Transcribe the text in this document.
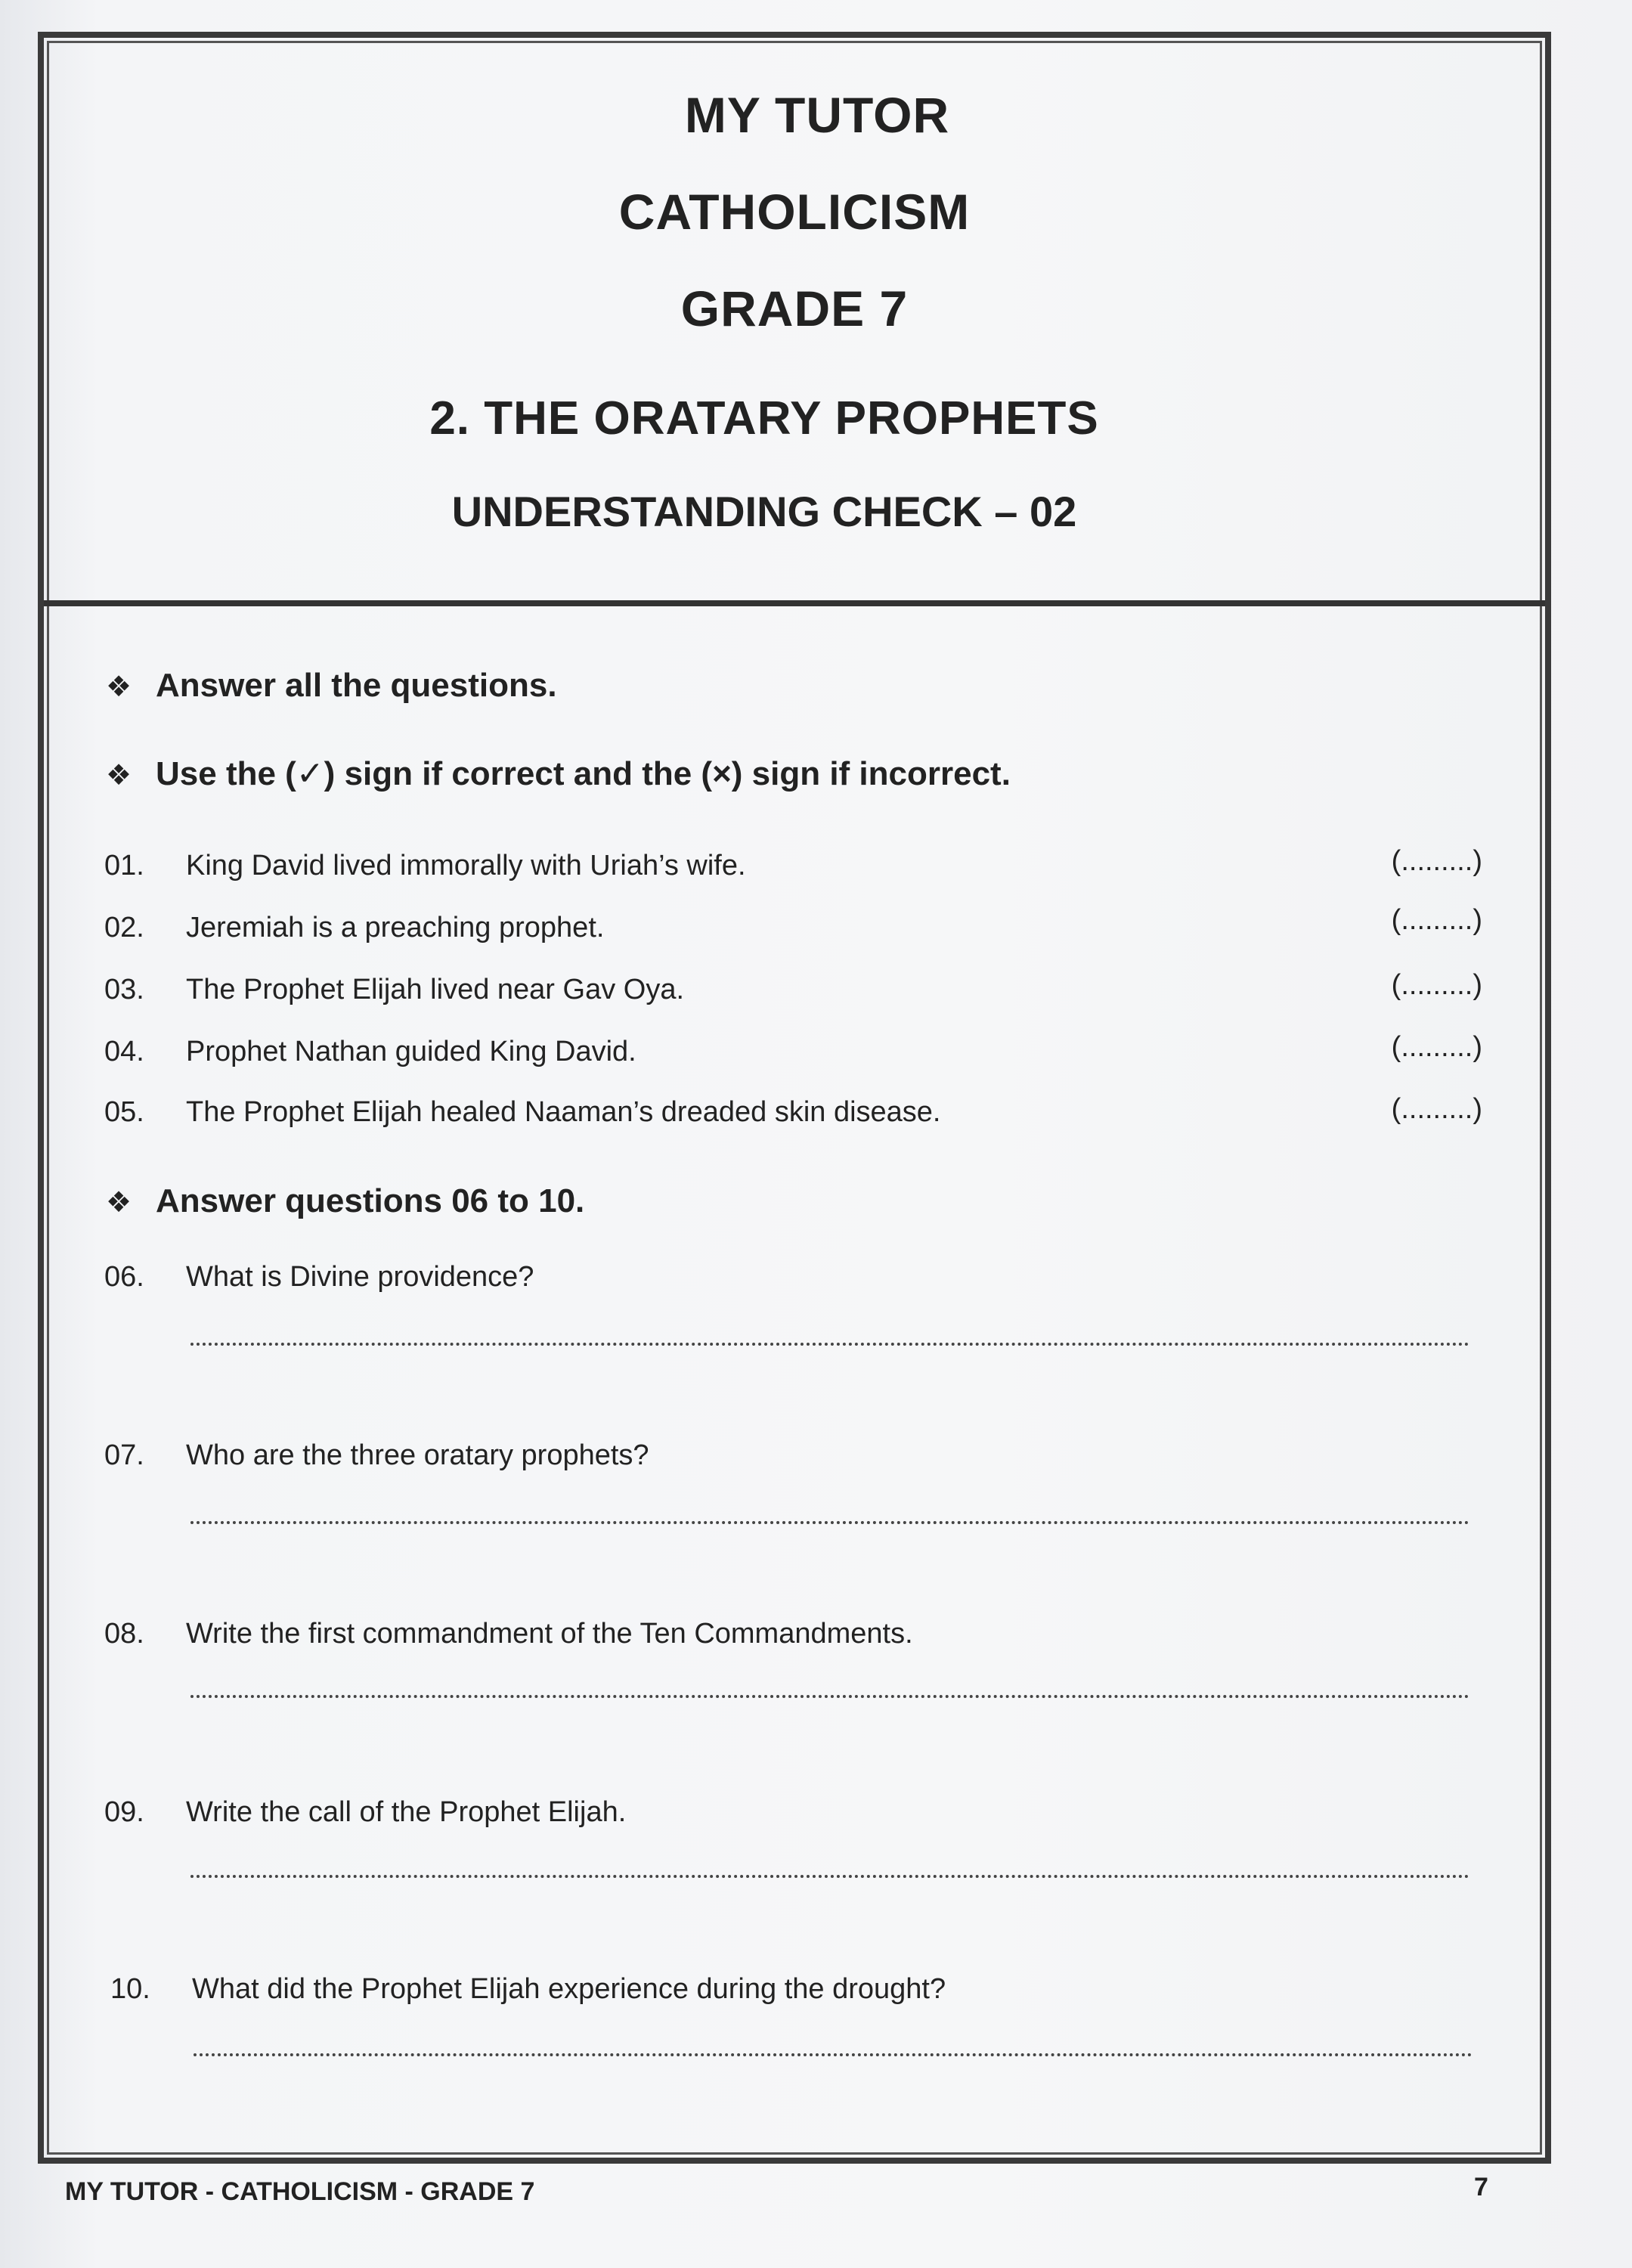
MY TUTOR
CATHOLICISM
GRADE 7
2. THE ORATARY PROPHETS
UNDERSTANDING CHECK – 02
❖ Answer all the questions.
❖ Use the (✓) sign if correct and the (×) sign if incorrect.
01. King David lived immorally with Uriah’s wife.	(.........)
02. Jeremiah is a preaching prophet.	(.........)
03. The Prophet Elijah lived near Gav Oya.	(.........)
04. Prophet Nathan guided King David.	(.........)
05. The Prophet Elijah healed Naaman’s dreaded skin disease.	(.........)
❖ Answer questions 06 to 10.
06. What is Divine providence?
07. Who are the three oratary prophets?
08. Write the first commandment of the Ten Commandments.
09. Write the call of the Prophet Elijah.
10. What did the Prophet Elijah experience during the drought?
MY TUTOR - CATHOLICISM - GRADE 7	7
